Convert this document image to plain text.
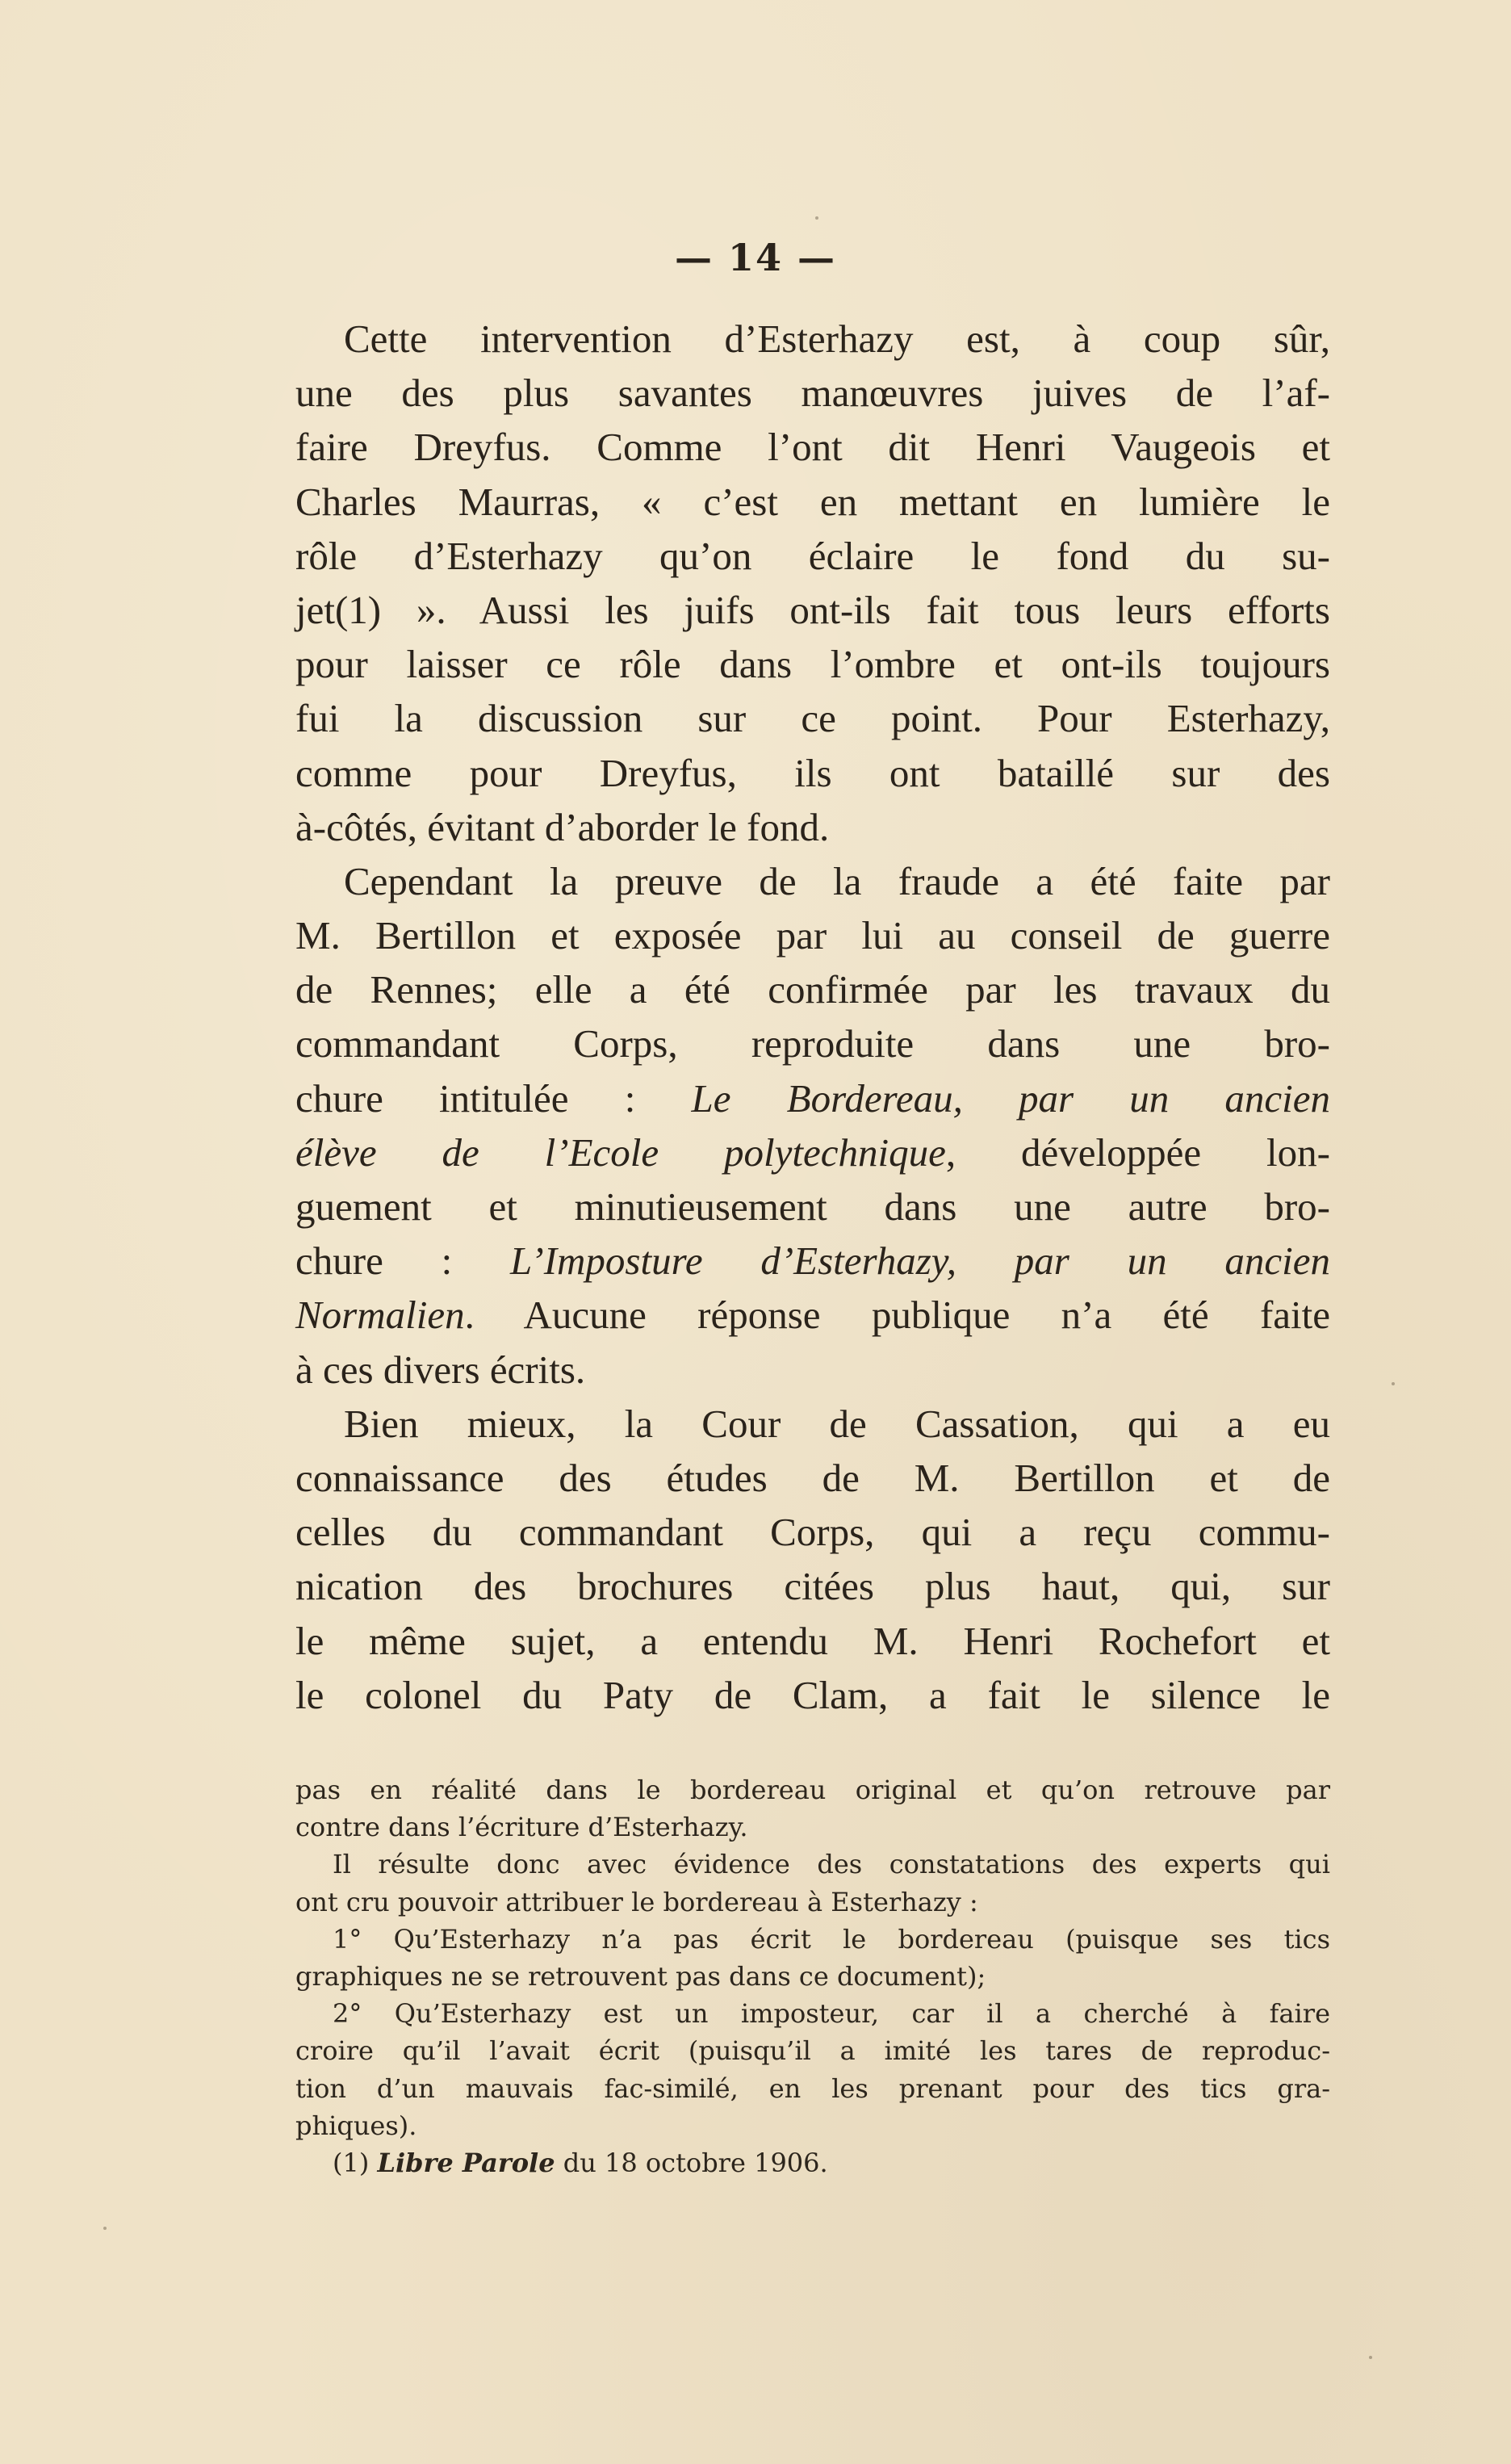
— 14 —
Cette intervention d’Esterhazy est, à coup sûr,
une des plus savantes manœuvres juives de l’af-
faire Dreyfus. Comme l’ont dit Henri Vaugeois et
Charles Maurras, « c’est en mettant en lumière le
rôle d’Esterhazy qu’on éclaire le fond du su-
jet(1) ». Aussi les juifs ont-ils fait tous leurs efforts
pour laisser ce rôle dans l’ombre et ont-ils toujours
fui la discussion sur ce point. Pour Esterhazy,
comme pour Dreyfus, ils ont bataillé sur des
à-côtés, évitant d’aborder le fond.
Cependant la preuve de la fraude a été faite par
M. Bertillon et exposée par lui au conseil de guerre
de Rennes; elle a été confirmée par les travaux du
commandant Corps, reproduite dans une bro-
chure intitulée : Le Bordereau, par un ancien
élève de l’Ecole polytechnique, développée lon-
guement et minutieusement dans une autre bro-
chure : L’Imposture d’Esterhazy, par un ancien
Normalien. Aucune réponse publique n’a été faite
à ces divers écrits.
Bien mieux, la Cour de Cassation, qui a eu
connaissance des études de M. Bertillon et de
celles du commandant Corps, qui a reçu commu-
nication des brochures citées plus haut, qui, sur
le même sujet, a entendu M. Henri Rochefort et
le colonel du Paty de Clam, a fait le silence le
pas en réalité dans le bordereau original et qu’on retrouve par
contre dans l’écriture d’Esterhazy.
Il résulte donc avec évidence des constatations des experts qui
ont cru pouvoir attribuer le bordereau à Esterhazy :
1° Qu’Esterhazy n’a pas écrit le bordereau (puisque ses tics
graphiques ne se retrouvent pas dans ce document);
2° Qu’Esterhazy est un imposteur, car il a cherché à faire
croire qu’il l’avait écrit (puisqu’il a imité les tares de reproduc-
tion d’un mauvais fac-similé, en les prenant pour des tics gra-
phiques).
(1) Libre Parole du 18 octobre 1906.
